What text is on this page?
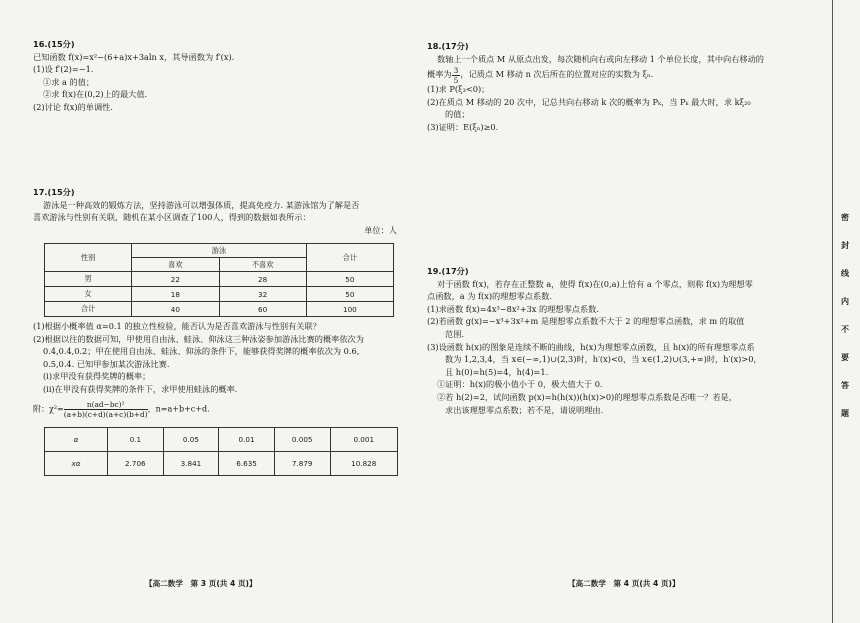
16.(15分)
已知函数 f(x)=x²−(6+a)x+3aln x，其导函数为 f′(x).
(1)设 f′(2)=−1.
①求 a 的值；
②求 f(x)在(0,2)上的最大值.
(2)讨论 f(x)的单调性.
17.(15分)
游泳是一种高效的锻炼方法，坚持游泳可以增强体质，提高免疫力. 某游泳馆为了解是否
喜欢游泳与性别有关联，随机在某小区调查了100人，得到的数据如表所示：
单位：人
性别	游泳		合计
	喜欢	不喜欢	
男	22	28	50
女	18	32	50
合计	40	60	100
(1)根据小概率值 α=0.1 的独立性检验，能否认为是否喜欢游泳与性别有关联？
(2)根据以往的数据可知，甲使用自由泳、蛙泳、仰泳这三种泳姿参加游泳比赛的概率依次为
0.4,0.4,0.2；甲在使用自由泳、蛙泳、仰泳的条件下，能够获得奖牌的概率依次为 0.6,
0.5,0.4. 已知甲参加某次游泳比赛.
(ⅰ)求甲没有获得奖牌的概率；
(ⅱ)在甲没有获得奖牌的条件下，求甲使用蛙泳的概率.
附：$\chi^2= \frac{\text{n(ad−bc)²}}{(a+b)(c+d)(a+c)(b+d)}$ ，n=a+b+c+d.
α	0.1	0.05	0.01	0.005	0.001
xα	2.706	3.841	6.635	7.879	10.828
【高二数学　第 3 页(共 4 页)】
18.(17分)
数轴上一个质点 M 从原点出发，每次随机向右或向左移动 1 个单位长度，其中向右移动的
概率为 $\frac{3}{5}$ ，记质点 M 移动 n 次后所在的位置对应的实数为 ξₙ.
(1)求 P(ξ₃<0)；
(2)在质点 M 移动的 20 次中，记总共向右移动 k 次的概率为 Pₖ，当 Pₖ 最大时，求 kξ₂₀
的值；
(3)证明：E(ξₙ)≥0.
19.(17分)
对于函数 f(x)，若存在正整数 a，使得 f(x)在(0,a)上恰有 a 个零点，则称 f(x)为理想零
点函数，a 为 f(x)的理想零点系数.
(1)求函数 f(x)=4x³−8x²+3x 的理想零点系数.
(2)若函数 g(x)=−x³+3x²+m 是理想零点系数不大于 2 的理想零点函数，求 m 的取值
范围.
(3)设函数 h(x)的图象是连续不断的曲线，h(x)为理想零点函数，且 h(x)的所有理想零点系
数为 1,2,3,4，当 x∈(−∞,1)∪(2,3)时，h′(x)<0，当 x∈(1,2)∪(3,+∞)时，h′(x)>0，
且 h(0)=h(5)=4，h(4)=1.
①证明：h(x)的极小值小于 0，极大值大于 0.
②若 h(2)=2，试问函数 p(x)=h(h(x))(h(x)>0)的理想零点系数是否唯一？若是，
求出该理想零点系数；若不是，请说明理由.
【高二数学　第 4 页(共 4 页)】
密
封
线
内
不
要
答
题
